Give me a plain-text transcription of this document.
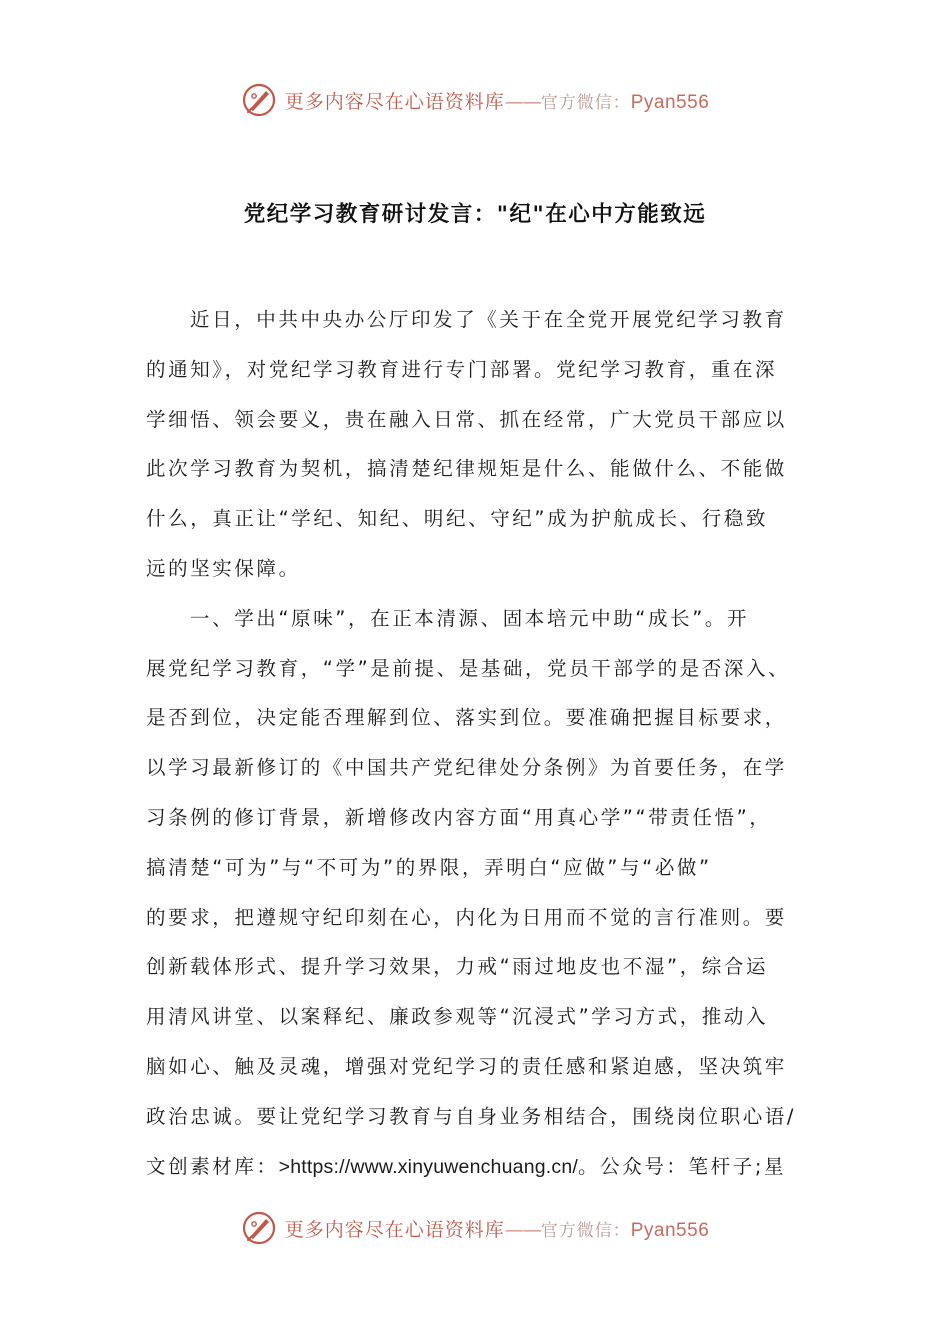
更多内容尽在心语资料库——官方微信：Pyan556
党纪学习教育研讨发言："纪"在心中方能致远
近日，中共中央办公厅印发了《关于在全党开展党纪学习教育
的通知》，对党纪学习教育进行专门部署。党纪学习教育，重在深
学细悟、领会要义，贵在融入日常、抓在经常，广大党员干部应以
此次学习教育为契机，搞清楚纪律规矩是什么、能做什么、不能做
什么，真正让“学纪、知纪、明纪、守纪”成为护航成长、行稳致
远的坚实保障。
一、学出“原味”，在正本清源、固本培元中助“成长”。开
展党纪学习教育，“学”是前提、是基础，党员干部学的是否深入、
是否到位，决定能否理解到位、落实到位。要准确把握目标要求，
以学习最新修订的《中国共产党纪律处分条例》为首要任务，在学
习条例的修订背景，新增修改内容方面“用真心学”“带责任悟”，
搞清楚“可为”与“不可为”的界限，弄明白“应做”与“必做”
的要求，把遵规守纪印刻在心，内化为日用而不觉的言行准则。要
创新载体形式、提升学习效果，力戒“雨过地皮也不湿”，综合运
用清风讲堂、以案释纪、廉政参观等“沉浸式”学习方式，推动入
脑如心、触及灵魂，增强对党纪学习的责任感和紧迫感，坚决筑牢
政治忠诚。要让党纪学习教育与自身业务相结合，围绕岗位职心语/
文创素材库：>https://www.xinyuwenchuang.cn/。公众号：笔杆子;星
更多内容尽在心语资料库——官方微信：Pyan556
